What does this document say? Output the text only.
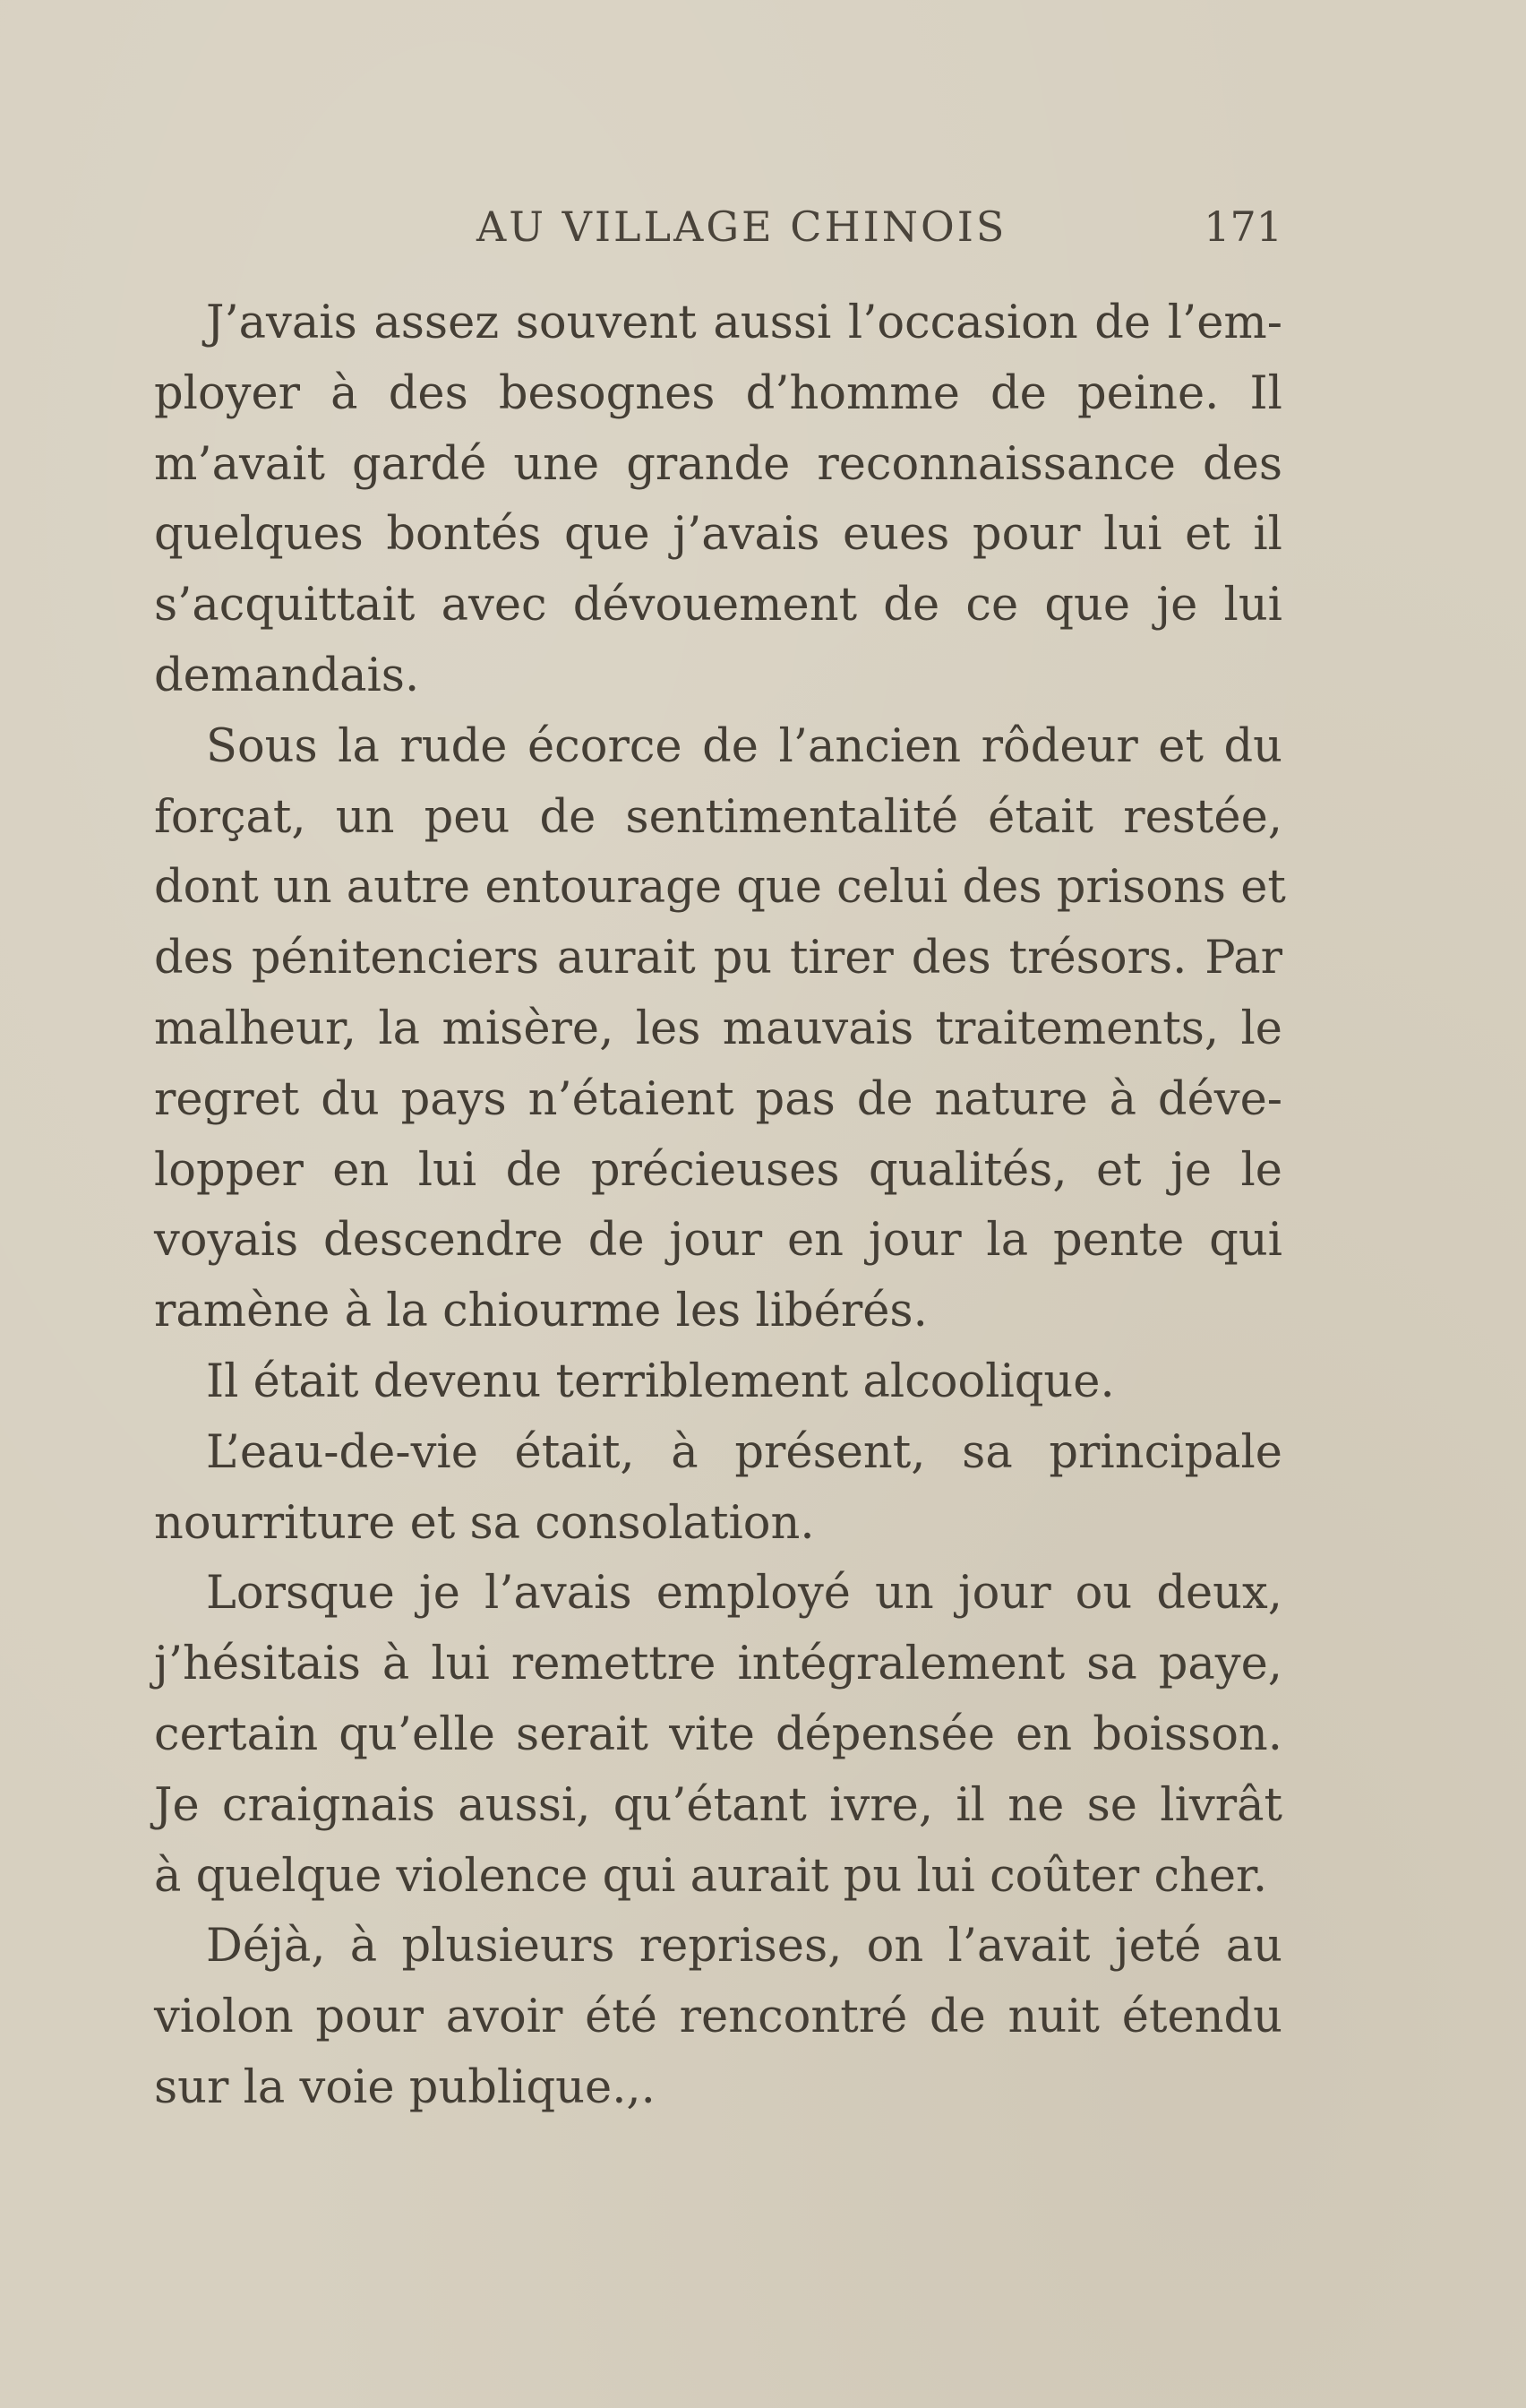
AU VILLAGE CHINOIS	171
J’avais assez souvent aussi l’occasion de l’em-
ployer à des besognes d’homme de peine. Il
m’avait gardé une grande reconnaissance des
quelques bontés que j’avais eues pour lui et il
s’acquittait avec dévouement de ce que je lui
demandais.
Sous la rude écorce de l’ancien rôdeur et du
forçat, un peu de sentimentalité était restée,
dont un autre entourage que celui des prisons et
des pénitenciers aurait pu tirer des trésors. Par
malheur, la misère, les mauvais traitements, le
regret du pays n’étaient pas de nature à déve-
lopper en lui de précieuses qualités, et je le
voyais descendre de jour en jour la pente qui
ramène à la chiourme les libérés.
Il était devenu terriblement alcoolique.
L’eau-de-vie était, à présent, sa principale
nourriture et sa consolation.
Lorsque je l’avais employé un jour ou deux,
j’hésitais à lui remettre intégralement sa paye,
certain qu’elle serait vite dépensée en boisson.
Je craignais aussi, qu’étant ivre, il ne se livrât
à quelque violence qui aurait pu lui coûter cher.
Déjà, à plusieurs reprises, on l’avait jeté au
violon pour avoir été rencontré de nuit étendu
sur la voie publique.,.
